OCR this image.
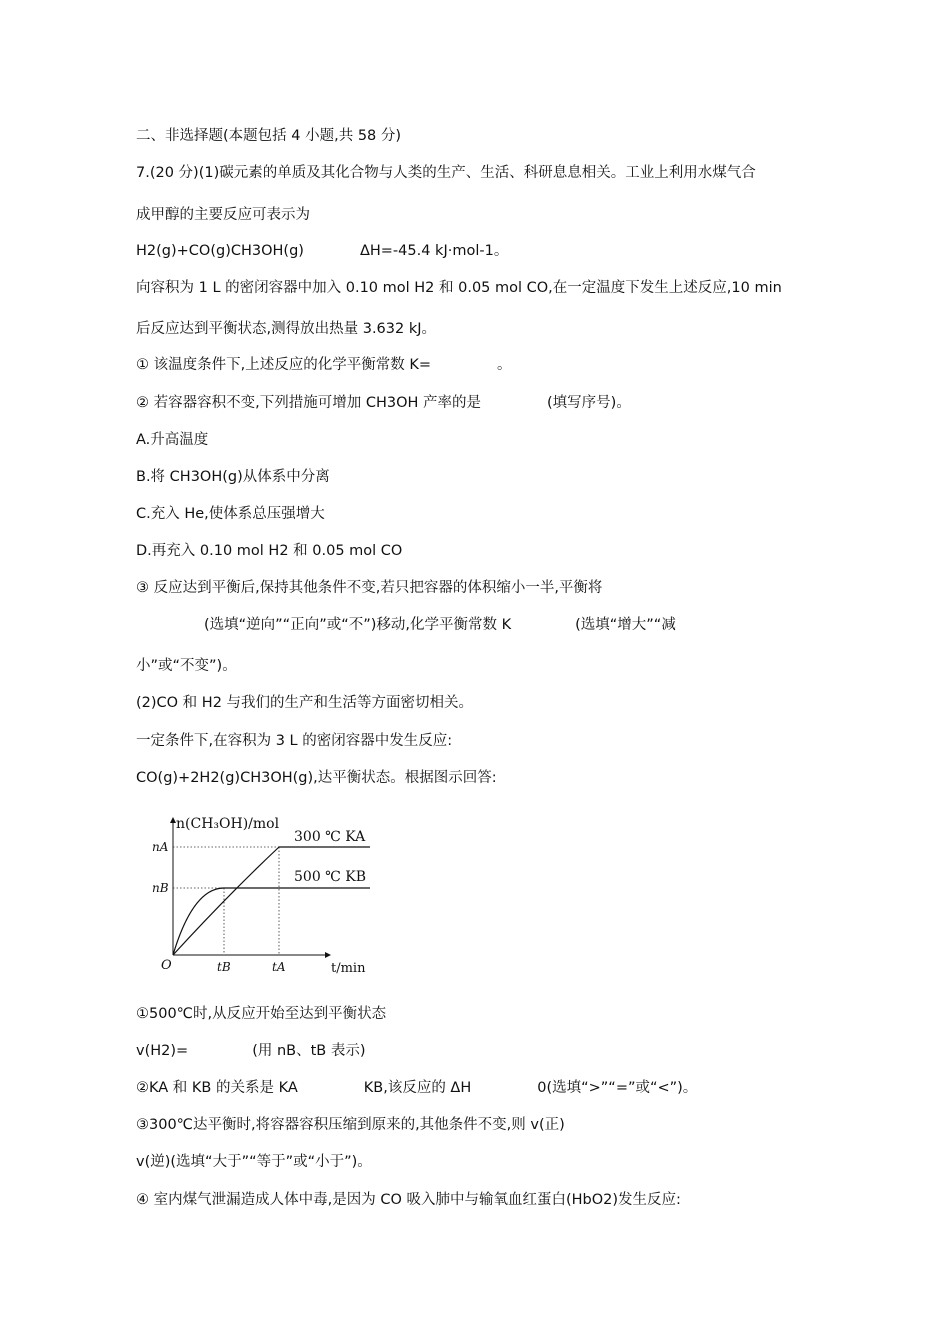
二、非选择题(本题包括 4 小题,共 58 分)
7.(20 分)(1)碳元素的单质及其化合物与人类的生产、生活、科研息息相关。工业上利用水煤气合
成甲醇的主要反应可表示为
H2(g)+CO(g)CH3OH(g)	ΔH=-45.4 kJ·mol-1。
向容积为 1 L 的密闭容器中加入 0.10 mol H2 和 0.05 mol CO,在一定温度下发生上述反应,10 min
后反应达到平衡状态,测得放出热量 3.632 kJ。
① 该温度条件下,上述反应的化学平衡常数 K=	。
② 若容器容积不变,下列措施可增加 CH3OH 产率的是	(填写序号)。
A.升高温度
B.将 CH3OH(g)从体系中分离
C.充入 He,使体系总压强增大
D.再充入 0.10 mol H2 和 0.05 mol CO
③ 反应达到平衡后,保持其他条件不变,若只把容器的体积缩小一半,平衡将
(选填“逆向”“正向”或“不”)移动,化学平衡常数 K	(选填“增大”“减
小”或“不变”)。
(2)CO 和 H2 与我们的生产和生活等方面密切相关。
一定条件下,在容积为 3 L 的密闭容器中发生反应:
CO(g)+2H2(g)CH3OH(g),达平衡状态。根据图示回答:
n(CH₃OH)/mol
t/min
O
nA
nB
tB	tA
300 ℃ KA
500 ℃ KB
①500℃时,从反应开始至达到平衡状态
v(H2)=	(用 nB、tB 表示)
②KA 和 KB 的关系是 KA	KB,该反应的 ΔH	0(选填“>”“=”或“<”)。
③300℃达平衡时,将容器容积压缩到原来的,其他条件不变,则 v(正)
v(逆)(选填“大于”“等于”或“小于”)。
④ 室内煤气泄漏造成人体中毒,是因为 CO 吸入肺中与输氧血红蛋白(HbO2)发生反应:
